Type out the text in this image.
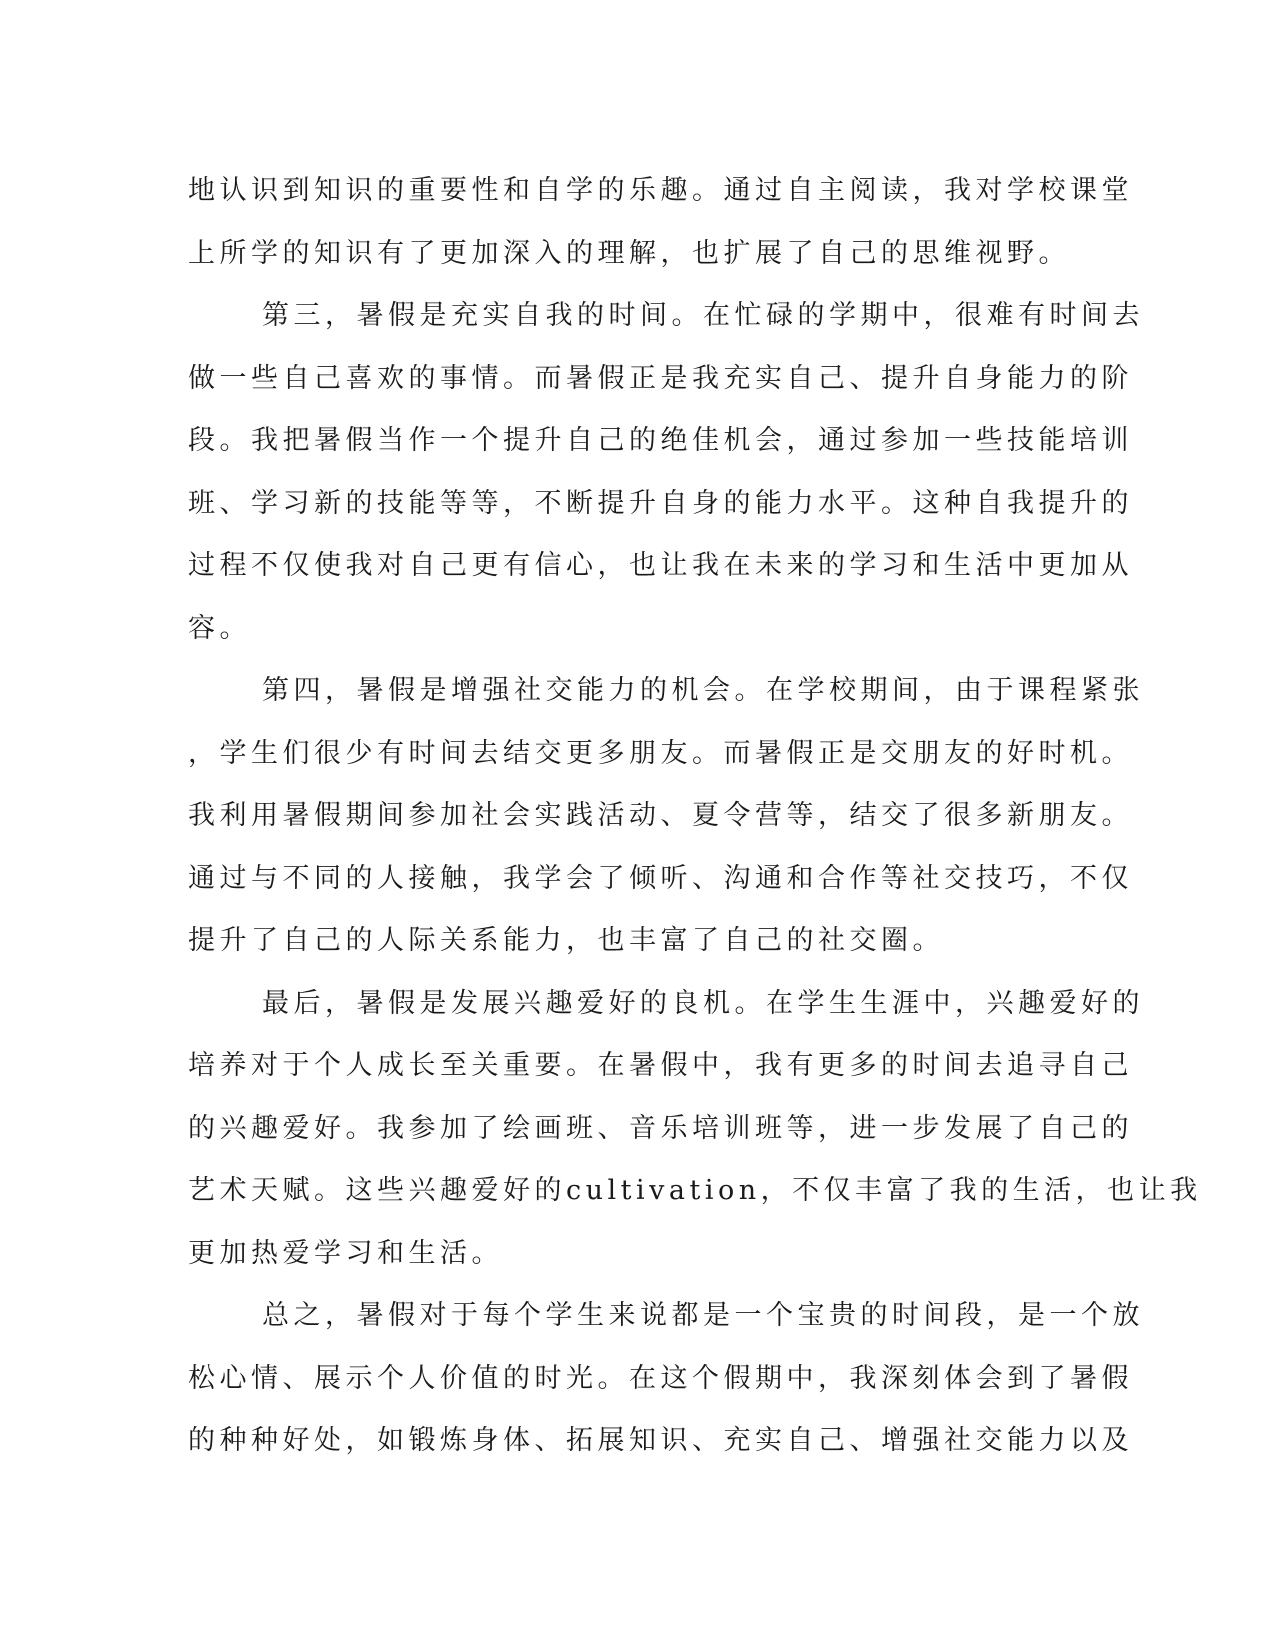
地认识到知识的重要性和自学的乐趣。通过自主阅读，我对学校课堂
上所学的知识有了更加深入的理解，也扩展了自己的思维视野。
第三，暑假是充实自我的时间。在忙碌的学期中，很难有时间去
做一些自己喜欢的事情。而暑假正是我充实自己、提升自身能力的阶
段。我把暑假当作一个提升自己的绝佳机会，通过参加一些技能培训
班、学习新的技能等等，不断提升自身的能力水平。这种自我提升的
过程不仅使我对自己更有信心，也让我在未来的学习和生活中更加从
容。
第四，暑假是增强社交能力的机会。在学校期间，由于课程紧张
，学生们很少有时间去结交更多朋友。而暑假正是交朋友的好时机。
我利用暑假期间参加社会实践活动、夏令营等，结交了很多新朋友。
通过与不同的人接触，我学会了倾听、沟通和合作等社交技巧，不仅
提升了自己的人际关系能力，也丰富了自己的社交圈。
最后，暑假是发展兴趣爱好的良机。在学生生涯中，兴趣爱好的
培养对于个人成长至关重要。在暑假中，我有更多的时间去追寻自己
的兴趣爱好。我参加了绘画班、音乐培训班等，进一步发展了自己的
艺术天赋。这些兴趣爱好的cultivation，不仅丰富了我的生活，也让我
更加热爱学习和生活。
总之，暑假对于每个学生来说都是一个宝贵的时间段，是一个放
松心情、展示个人价值的时光。在这个假期中，我深刻体会到了暑假
的种种好处，如锻炼身体、拓展知识、充实自己、增强社交能力以及
